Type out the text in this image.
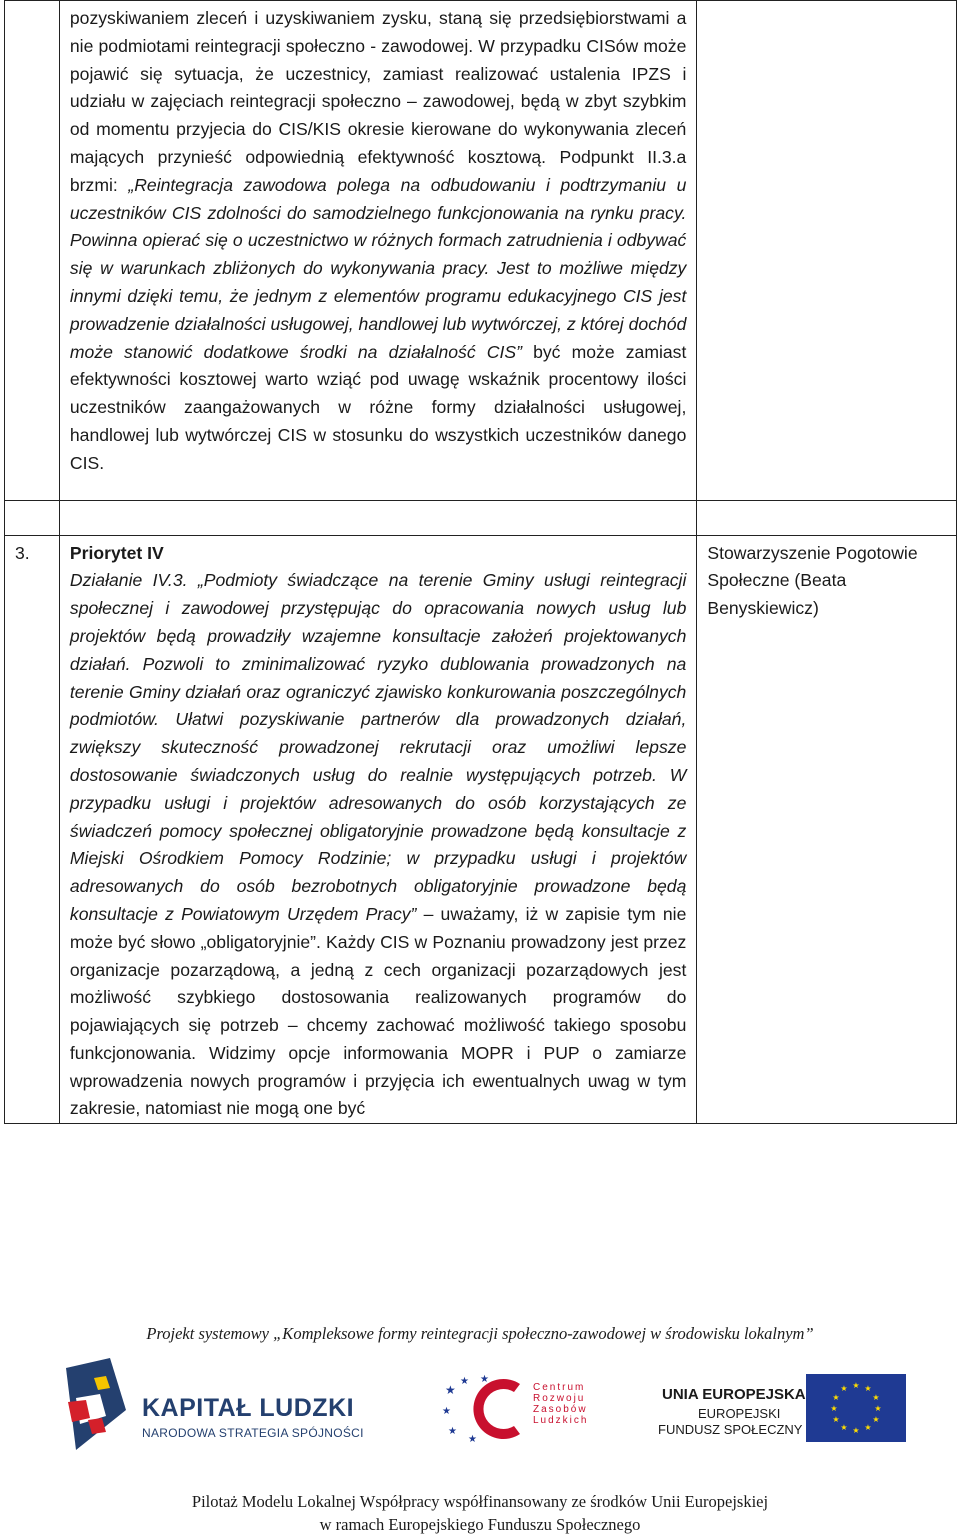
	pozyskiwaniem zleceń i uzyskiwaniem zysku, staną się przedsiębiorstwami a nie podmiotami reintegracji społeczno - zawodowej. W przypadku CISów może pojawić się sytuacja, że uczestnicy, zamiast realizować ustalenia IPZS i udziału w zajęciach reintegracji społeczno – zawodowej, będą w zbyt szybkim od momentu przyjecia do CIS/KIS okresie kierowane do wykonywania zleceń mających przynieść odpowiednią efektywność kosztową. Podpunkt II.3.a brzmi: „Reintegracja zawodowa polega na odbudowaniu i podtrzymaniu u uczestników CIS zdolności do samodzielnego funkcjonowania na rynku pracy. Powinna opierać się o uczestnictwo w różnych formach zatrudnienia i odbywać się w warunkach zbliżonych do wykonywania pracy. Jest to możliwe między innymi dzięki temu, że jednym z elementów programu edukacyjnego CIS jest prowadzenie działalności usługowej, handlowej lub wytwórczej, z której dochód może stanowić dodatkowe środki na działalność CIS” być może zamiast efektywności kosztowej warto wziąć pod uwagę wskaźnik procentowy ilości uczestników zaangażowanych w różne formy działalności usługowej, handlowej lub wytwórczej CIS w stosunku do wszystkich uczestników danego CIS.	

3.	Priorytet IV
Działanie IV.3. „Podmioty świadczące na terenie Gminy usługi reintegracji społecznej i zawodowej przystępując do opracowania nowych usług lub projektów będą prowadziły wzajemne konsultacje założeń projektowanych działań. Pozwoli to zminimalizować ryzyko dublowania prowadzonych na terenie Gminy działań oraz ograniczyć zjawisko konkurowania poszczególnych podmiotów. Ułatwi pozyskiwanie partnerów dla prowadzonych działań, zwiększy skuteczność prowadzonej rekrutacji oraz umożliwi lepsze dostosowanie świadczonych usług do realnie występujących potrzeb. W przypadku usługi i projektów adresowanych do osób korzystających ze świadczeń pomocy społecznej obligatoryjnie prowadzone będą konsultacje z Miejski Ośrodkiem Pomocy Rodzinie; w przypadku usługi i projektów adresowanych do osób bezrobotnych obligatoryjnie prowadzone będą konsultacje z Powiatowym Urzędem Pracy” – uważamy, iż w zapisie tym nie może być słowo „obligatoryjnie”. Każdy CIS w Poznaniu prowadzony jest przez organizacje pozarządową, a jedną z cech organizacji pozarządowych jest możliwość szybkiego dostosowania realizowanych programów do pojawiających się potrzeb – chcemy zachować możliwość takiego sposobu funkcjonowania. Widzimy opcje informowania MOPR i PUP o zamiarze wprowadzenia nowych programów i przyjęcia ich ewentualnych uwag w tym zakresie, natomiast nie mogą one być	Stowarzyszenie Pogotowie Społeczne (Beata Benyskiewicz)
Projekt systemowy „Kompleksowe formy reintegracji społeczno-zawodowej w środowisku lokalnym”
KAPITAŁ LUDZKI
NARODOWA STRATEGIA SPÓJNOŚCI
★
★ ★
★
★
★
Centrum
Rozwoju
Zasobów
Ludzkich
UNIA EUROPEJSKA
EUROPEJSKI
FUNDUSZ SPOŁECZNY
★ ★
★
★
★
★
★
★
★
★
★
★
Pilotaż Modelu Lokalnej Współpracy współfinansowany ze środków Unii Europejskiej
w ramach Europejskiego Funduszu Społecznego
